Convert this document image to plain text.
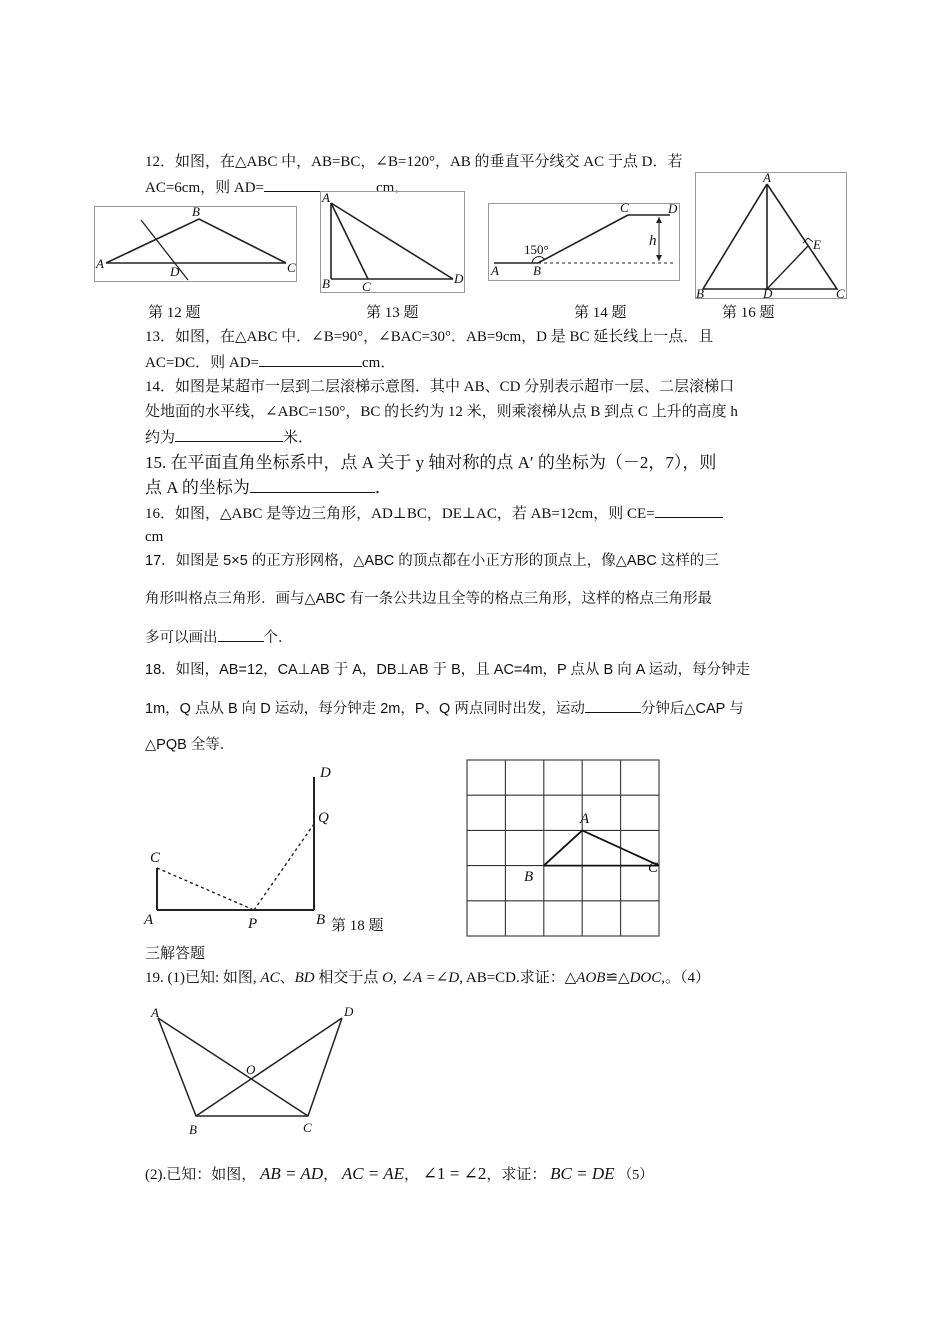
12．如图，在△ABC 中，AB=BC，∠B=120°，AB 的垂直平分线交 AC 于点 D．若
AC=6cm，则 AD=	cm．
A
B
C
D
A
B C
D
A	B
C	D
h
150°
A
B	D	C
E
第 12 题	第 13 题	第 14 题	第 16 题
13．如图，在△ABC 中．∠B=90°，∠BAC=30°．AB=9cm，D 是 BC 延长线上一点．且
AC=DC．则 AD=	cm．
14．如图是某超市一层到二层滚梯示意图．其中 AB、CD 分别表示超市一层、二层滚梯口
处地面的水平线，∠ABC=150°，BC 的长约为 12 米，则乘滚梯从点 B 到点 C 上升的高度 h
约为	米．
15. 在平面直角坐标系中，点 A 关于 y 轴对称的点 A′ 的坐标为（－2，7），则
点 A 的坐标为	．
16．如图，△ABC 是等边三角形，AD⊥BC，DE⊥AC，若 AB=12cm，则 CE=
cm
17．如图是 5×5 的正方形网格，△ABC 的顶点都在小正方形的顶点上，像△ABC 这样的三
角形叫格点三角形．画与△ABC 有一条公共边且全等的格点三角形，这样的格点三角形最
多可以画出	个．
18．如图，AB=12，CA⊥AB 于 A，DB⊥AB 于 B，且 AC=4m，P 点从 B 向 A 运动，每分钟走
1m，Q 点从 B 向 D 运动，每分钟走 2m，P、Q 两点同时出发，运动	分钟后△CAP 与
△PQB 全等．
C
A	P	B
D
Q
第 18 题
A
B
C
三解答题
19. (1)已知: 如图, AC、BD 相交于点 O, ∠A =∠D, AB=CD.求证：△AOB≌△DOC,。（4）
A	D
O
B	C
(2).已知：如图， AB = AD， AC = AE， ∠1 = ∠2，求证： BC = DE （5）
